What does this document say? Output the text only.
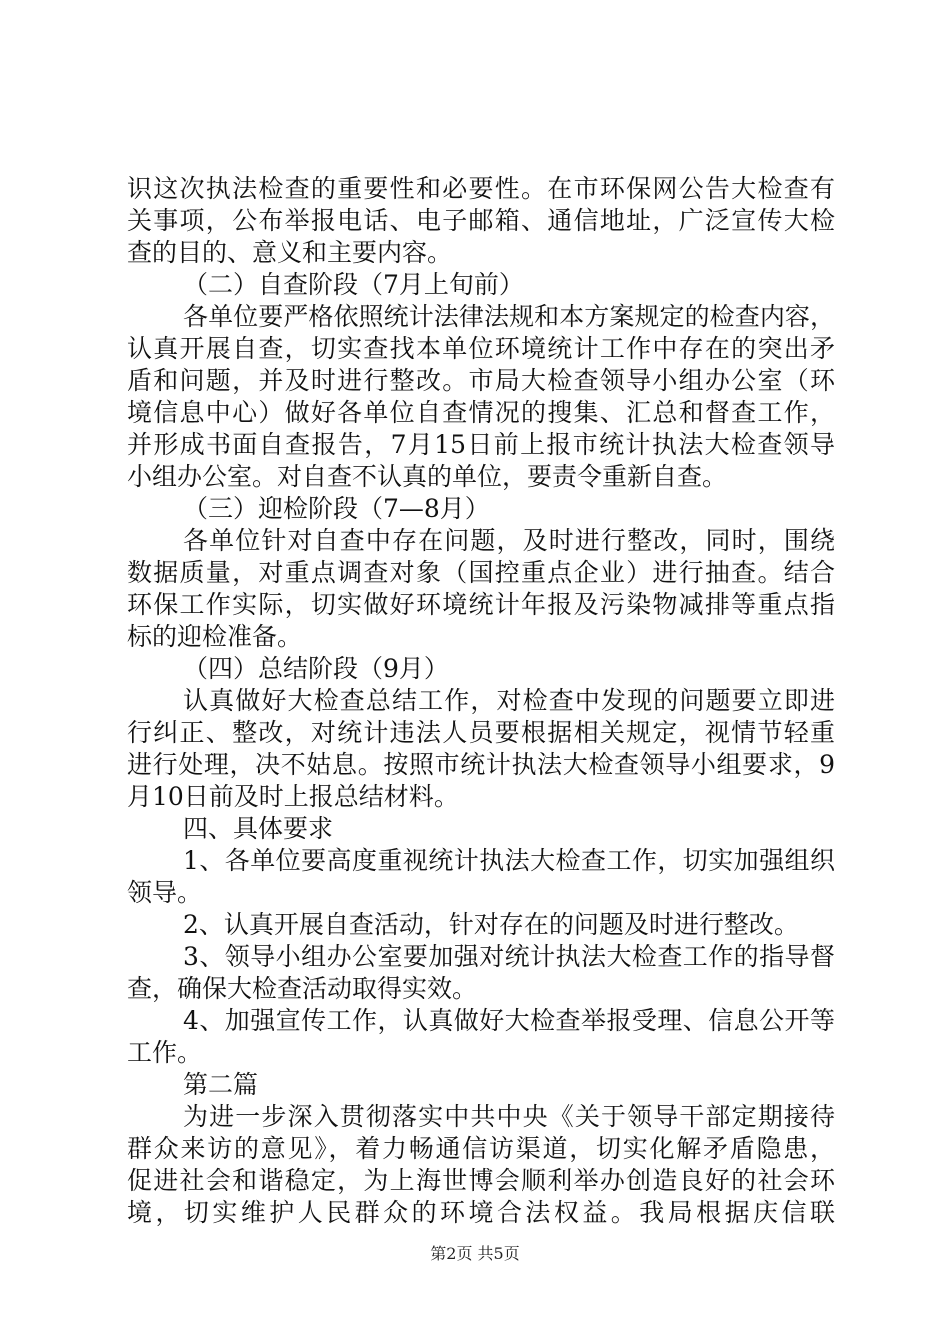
识这次执法检查的重要性和必要性。在市环保网公告大检查有
关事项，公布举报电话、电子邮箱、通信地址，广泛宣传大检
查的目的、意义和主要内容。
（二）自查阶段（7月上旬前）
各单位要严格依照统计法律法规和本方案规定的检查内容，
认真开展自查，切实查找本单位环境统计工作中存在的突出矛
盾和问题，并及时进行整改。市局大检查领导小组办公室（环
境信息中心）做好各单位自查情况的搜集、汇总和督查工作，
并形成书面自查报告，7月15日前上报市统计执法大检查领导
小组办公室。对自查不认真的单位，要责令重新自查。
（三）迎检阶段（7—8月）
各单位针对自查中存在问题，及时进行整改，同时，围绕
数据质量，对重点调查对象（国控重点企业）进行抽查。结合
环保工作实际，切实做好环境统计年报及污染物减排等重点指
标的迎检准备。
（四）总结阶段（9月）
认真做好大检查总结工作，对检查中发现的问题要立即进
行纠正、整改，对统计违法人员要根据相关规定，视情节轻重
进行处理，决不姑息。按照市统计执法大检查领导小组要求，9
月10日前及时上报总结材料。
四、具体要求
1、各单位要高度重视统计执法大检查工作，切实加强组织
领导。
2、认真开展自查活动，针对存在的问题及时进行整改。
3、领导小组办公室要加强对统计执法大检查工作的指导督
查，确保大检查活动取得实效。
4、加强宣传工作，认真做好大检查举报受理、信息公开等
工作。
第二篇
为进一步深入贯彻落实中共中央《关于领导干部定期接待
群众来访的意见》，着力畅通信访渠道，切实化解矛盾隐患，
促进社会和谐稳定，为上海世博会顺利举办创造良好的社会环
境，切实维护人民群众的环境合法权益。我局根据庆信联
第2页 共5页
